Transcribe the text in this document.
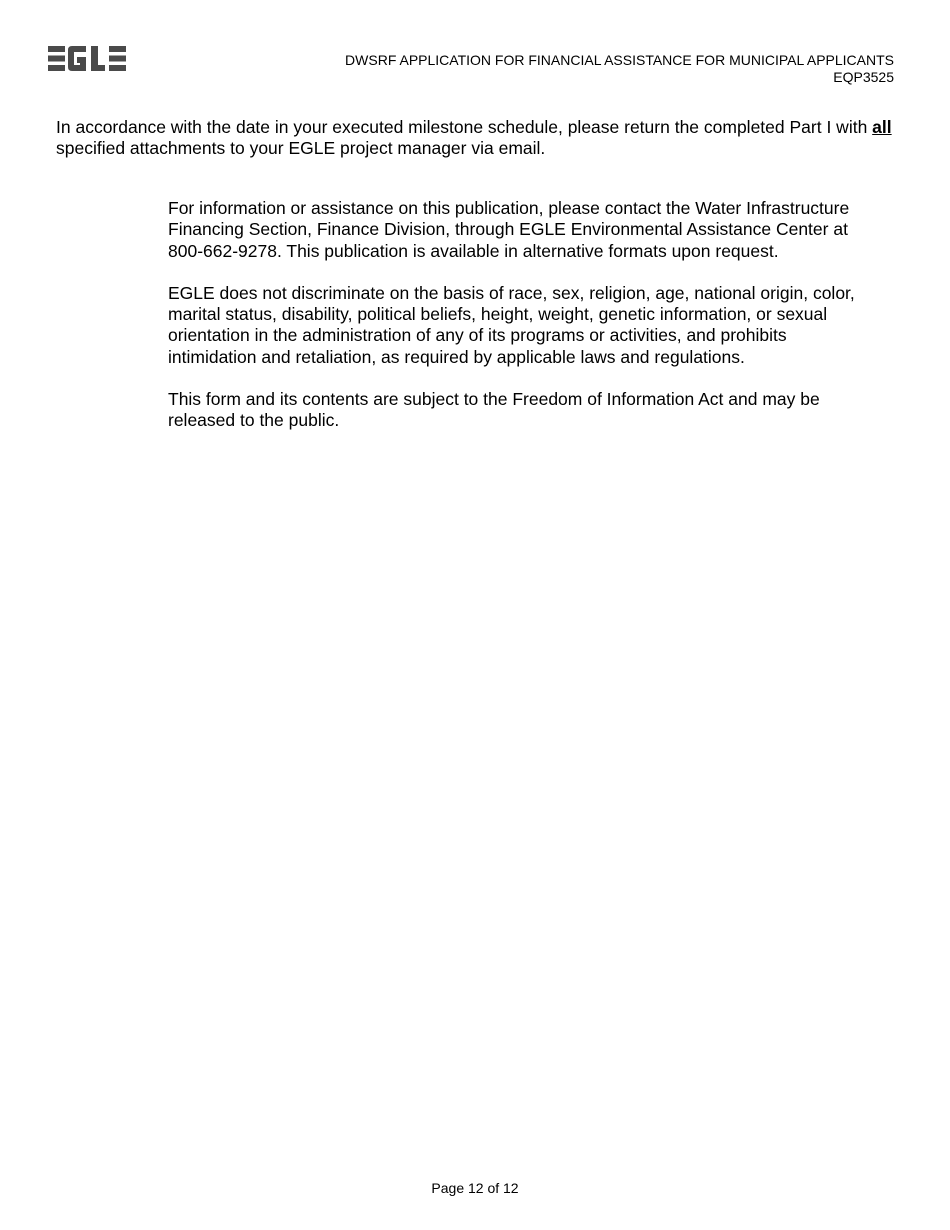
DWSRF APPLICATION FOR FINANCIAL ASSISTANCE FOR MUNICIPAL APPLICANTS
EQP3525
In accordance with the date in your executed milestone schedule, please return the completed Part I with all specified attachments to your EGLE project manager via email.

For information or assistance on this publication, please contact the Water Infrastructure Financing Section, Finance Division, through EGLE Environmental Assistance Center at 800-662-9278. This publication is available in alternative formats upon request.

EGLE does not discriminate on the basis of race, sex, religion, age, national origin, color, marital status, disability, political beliefs, height, weight, genetic information, or sexual orientation in the administration of any of its programs or activities, and prohibits intimidation and retaliation, as required by applicable laws and regulations.

This form and its contents are subject to the Freedom of Information Act and may be released to the public.

Page 12 of 12
